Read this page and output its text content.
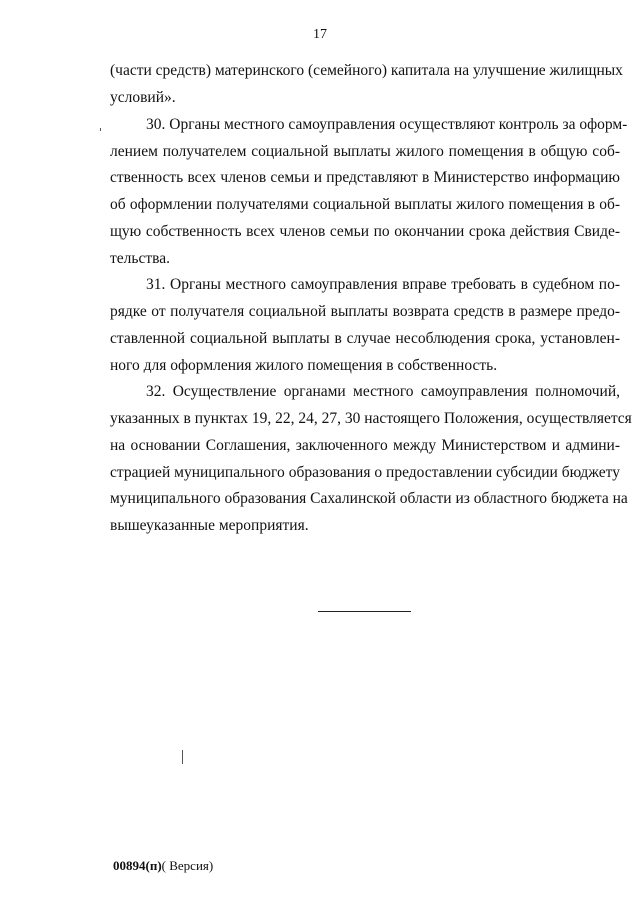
17
(части средств) материнского (семейного) капитала на улучшение жилищных
условий».
30. Органы местного самоуправления осуществляют контроль за оформ-
лением получателем социальной выплаты жилого помещения в общую соб-
ственность всех членов семьи и представляют в Министерство информацию
об оформлении получателями социальной выплаты жилого помещения в об-
щую собственность всех членов семьи по окончании срока действия Свиде-
тельства.
31. Органы местного самоуправления вправе требовать в судебном по-
рядке от получателя социальной выплаты возврата средств в размере предо-
ставленной социальной выплаты в случае несоблюдения срока, установлен-
ного для оформления жилого помещения в собственность.
32. Осуществление органами местного самоуправления полномочий,
указанных в пунктах 19, 22, 24, 27, 30 настоящего Положения, осуществляется
на основании Соглашения, заключенного между Министерством и админи-
страцией муниципального образования о предоставлении субсидии бюджету
муниципального образования Сахалинской области из областного бюджета на
вышеуказанные мероприятия.
00894(п)( Версия)
